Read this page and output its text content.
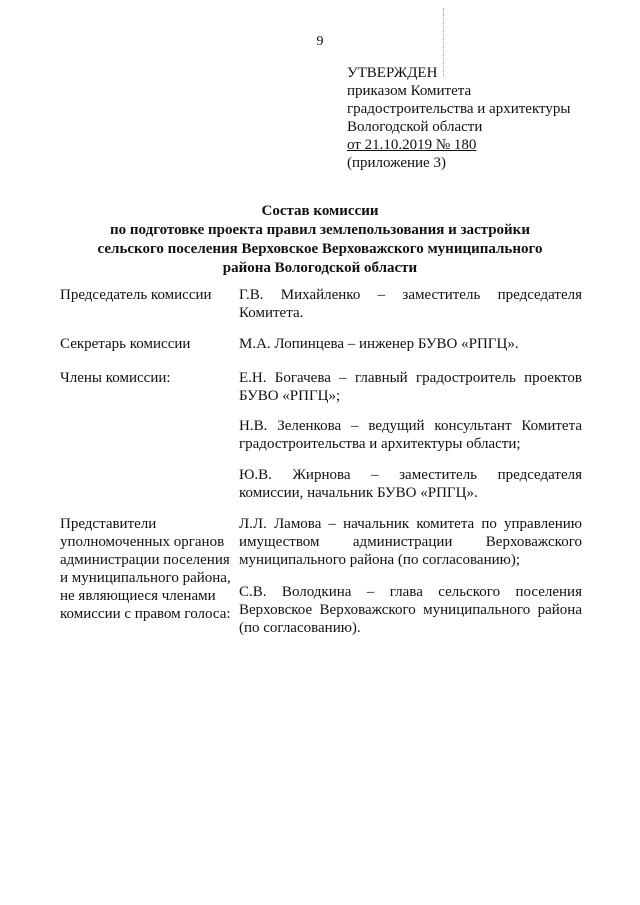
9
УТВЕРЖДЕН
приказом Комитета
градостроительства и архитектуры
Вологодской области
от 21.10.2019 № 180
(приложение 3)
Состав комиссии
по подготовке проекта правил землепользования и застройки
сельского поселения Верховское Верховажского муниципального
района Вологодской области
Председатель комиссии	Г.В. Михайленко – заместитель председателя Комитета.
Секретарь комиссии	М.А. Лопинцева – инженер БУВО «РПГЦ».
Члены комиссии:	Е.Н. Богачева – главный градостроитель проектов БУВО «РПГЦ»;
Н.В. Зеленкова – ведущий консультант Комитета градостроительства и архитектуры области;
Ю.В. Жирнова – заместитель председателя комиссии, начальник БУВО «РПГЦ».
Представители уполномоченных органов администрации поселения и муниципального района, не являющиеся членами комиссии с правом голоса:
Л.Л. Ламова – начальник комитета по управлению имуществом администрации Верховажского муниципального района (по согласованию);
С.В. Володкина – глава сельского поселения Верховское Верховажского муниципального района (по согласованию).
